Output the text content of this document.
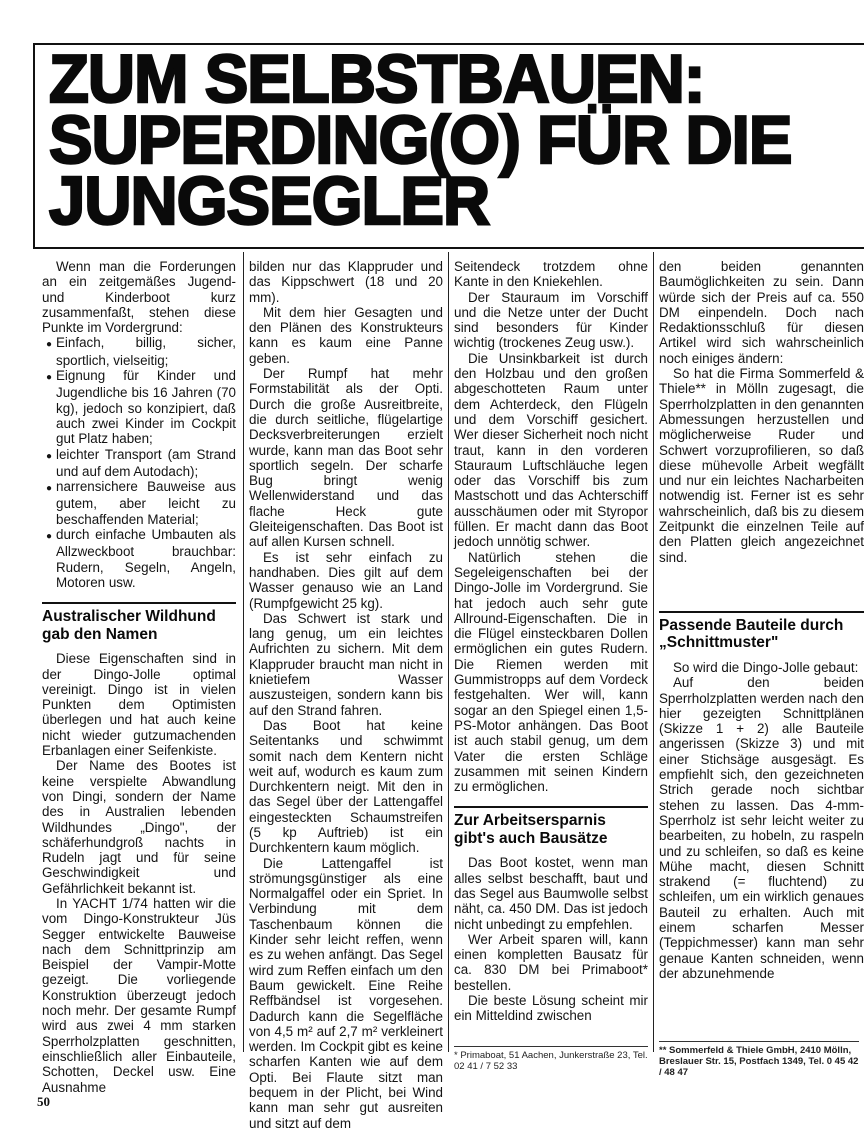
ZUM SELBSTBAUEN:
SUPERDING(O) FÜR DIE
JUNGSEGLER

Wenn man die Forderungen an ein zeitgemäßes Jugend- und Kinderboot kurz zusammenfaßt, stehen diese Punkte im Vordergrund:

● Einfach, billig, sicher, sportlich, vielseitig;

● Eignung für Kinder und Jugendliche bis 16 Jahren (70 kg), jedoch so konzipiert, daß auch zwei Kinder im Cockpit gut Platz haben;

● leichter Transport (am Strand und auf dem Autodach);

● narrensichere Bauweise aus gutem, aber leicht zu beschaffenden Material;

● durch einfache Umbauten als Allzweckboot brauchbar: Rudern, Segeln, Angeln, Motoren usw.

Australischer Wildhund gab den Namen

Diese Eigenschaften sind in der Dingo-Jolle optimal vereinigt. Dingo ist in vielen Punkten dem Optimisten überlegen und hat auch keine nicht wieder gutzumachenden Erbanlagen einer Seifenkiste.

Der Name des Bootes ist keine verspielte Abwandlung von Dingi, sondern der Name des in Australien lebenden Wildhundes „Dingo", der schäferhundgroß nachts in Rudeln jagt und für seine Geschwindigkeit und Gefährlichkeit bekannt ist.

In YACHT 1/74 hatten wir die vom Dingo-Konstrukteur Jüs Segger entwickelte Bauweise nach dem Schnittprinzip am Beispiel der Vampir-Motte gezeigt. Die vorliegende Konstruktion überzeugt jedoch noch mehr. Der gesamte Rumpf wird aus zwei 4 mm starken Sperrholzplatten geschnitten, einschließlich aller Einbauteile, Schotten, Deckel usw. Eine Ausnahme

bilden nur das Klappruder und das Kippschwert (18 und 20 mm).

Mit dem hier Gesagten und den Plänen des Konstrukteurs kann es kaum eine Panne geben.

Der Rumpf hat mehr Formstabilität als der Opti. Durch die große Ausreitbreite, die durch seitliche, flügelartige Decksverbreiterungen erzielt wurde, kann man das Boot sehr sportlich segeln. Der scharfe Bug bringt wenig Wellenwiderstand und das flache Heck gute Gleiteigenschaften. Das Boot ist auf allen Kursen schnell.

Es ist sehr einfach zu handhaben. Dies gilt auf dem Wasser genauso wie an Land (Rumpfgewicht 25 kg).

Das Schwert ist stark und lang genug, um ein leichtes Aufrichten zu sichern. Mit dem Klappruder braucht man nicht in knietiefem Wasser auszusteigen, sondern kann bis auf den Strand fahren.

Das Boot hat keine Seitentanks und schwimmt somit nach dem Kentern nicht weit auf, wodurch es kaum zum Durchkentern neigt. Mit den in das Segel über der Lattengaffel eingesteckten Schaumstreifen (5 kp Auftrieb) ist ein Durchkentern kaum möglich.

Die Lattengaffel ist strömungsgünstiger als eine Normalgaffel oder ein Spriet. In Verbindung mit dem Taschenbaum können die Kinder sehr leicht reffen, wenn es zu wehen anfängt. Das Segel wird zum Reffen einfach um den Baum gewickelt. Eine Reihe Reffbändsel ist vorgesehen. Dadurch kann die Segelfläche von 4,5 m² auf 2,7 m² verkleinert werden. Im Cockpit gibt es keine scharfen Kanten wie auf dem Opti. Bei Flaute sitzt man bequem in der Plicht, bei Wind kann man sehr gut ausreiten und sitzt auf dem

Seitendeck trotzdem ohne Kante in den Kniekehlen.

Der Stauraum im Vorschiff und die Netze unter der Ducht sind besonders für Kinder wichtig (trockenes Zeug usw.).

Die Unsinkbarkeit ist durch den Holzbau und den großen abgeschotteten Raum unter dem Achterdeck, den Flügeln und dem Vorschiff gesichert. Wer dieser Sicherheit noch nicht traut, kann in den vorderen Stauraum Luftschläuche legen oder das Vorschiff bis zum Mastschott und das Achterschiff ausschäumen oder mit Styropor füllen. Er macht dann das Boot jedoch unnötig schwer.

Natürlich stehen die Segeleigenschaften bei der Dingo-Jolle im Vordergrund. Sie hat jedoch auch sehr gute Allround-Eigenschaften. Die in die Flügel einsteckbaren Dollen ermöglichen ein gutes Rudern. Die Riemen werden mit Gummistropps auf dem Vordeck festgehalten. Wer will, kann sogar an den Spiegel einen 1,5-PS-Motor anhängen. Das Boot ist auch stabil genug, um dem Vater die ersten Schläge zusammen mit seinen Kindern zu ermöglichen.

Zur Arbeitsersparnis gibt's auch Bausätze

Das Boot kostet, wenn man alles selbst beschafft, baut und das Segel aus Baumwolle selbst näht, ca. 450 DM. Das ist jedoch nicht unbedingt zu empfehlen.

Wer Arbeit sparen will, kann einen kompletten Bausatz für ca. 830 DM bei Primaboot* bestellen.

Die beste Lösung scheint mir ein Mitteldind zwischen

* Primaboat, 51 Aachen, Junkerstraße 23, Tel. 02 41 / 7 52 33

den beiden genannten Baumöglichkeiten zu sein. Dann würde sich der Preis auf ca. 550 DM einpendeln. Doch nach Redaktionsschluß für diesen Artikel wird sich wahrscheinlich noch einiges ändern:

So hat die Firma Sommerfeld & Thiele** in Mölln zugesagt, die Sperrholzplatten in den genannten Abmessungen herzustellen und möglicherweise Ruder und Schwert vorzuprofilieren, so daß diese mühevolle Arbeit wegfällt und nur ein leichtes Nacharbeiten notwendig ist. Ferner ist es sehr wahrscheinlich, daß bis zu diesem Zeitpunkt die einzelnen Teile auf den Platten gleich angezeichnet sind.

Passende Bauteile durch „Schnittmuster"

So wird die Dingo-Jolle gebaut:

Auf den beiden Sperrholzplatten werden nach den hier gezeigten Schnittplänen (Skizze 1 + 2) alle Bauteile angerissen (Skizze 3) und mit einer Stichsäge ausgesägt. Es empfiehlt sich, den gezeichneten Strich gerade noch sichtbar stehen zu lassen. Das 4-mm-Sperrholz ist sehr leicht weiter zu bearbeiten, zu hobeln, zu raspeln und zu schleifen, so daß es keine Mühe macht, diesen Schnitt strakend (= fluchtend) zu schleifen, um ein wirklich genaues Bauteil zu erhalten. Auch mit einem scharfen Messer (Teppichmesser) kann man sehr genaue Kanten schneiden, wenn der abzunehmende

** Sommerfeld & Thiele GmbH, 2410 Mölln, Breslauer Str. 15, Postfach 1349, Tel. 0 45 42 / 48 47
50
